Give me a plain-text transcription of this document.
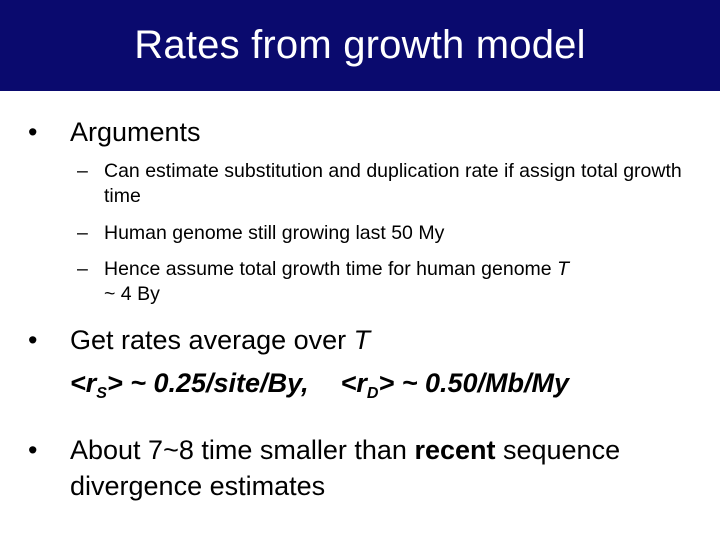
Rates from growth model
•	Arguments
– Can estimate substitution and duplication rate if assign total growth time
– Human genome still growing last 50 My
– Hence assume total growth time for human genome T
~ 4 By
•	Get rates average over T
$<r_S>$ ~ 0.25/site/By, $<r_D>$ ~ 0.50/Mb/My
•	About 7~8 time smaller than recent sequence divergence estimates
